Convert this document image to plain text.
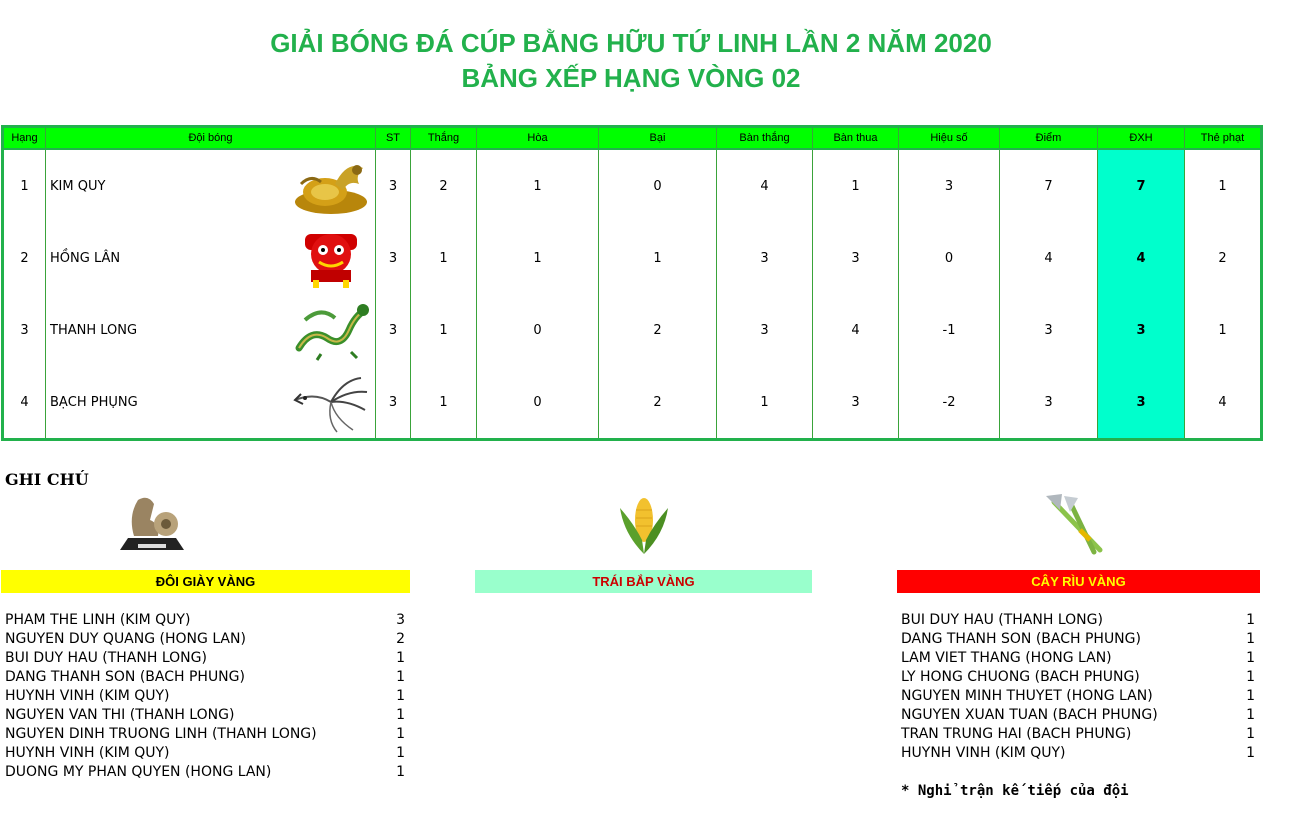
GIẢI BÓNG ĐÁ CÚP BẰNG HỮU TỨ LINH LẦN 2 NĂM 2020
BẢNG XẾP HẠNG VÒNG 02
Hạng	Đội bóng	ST	Thắng	Hòa	Bại	Bàn thắng	Bàn thua	Hiệu số	Điểm	ĐXH	Thẻ phạt
1	KIM QUY	3	2	1	0	4	1	3	7	7	1
2	HỒNG LÂN	3	1	1	1	3	3	0	4	4	2
3	THANH LONG	3	1	0	2	3	4	-1	3	3	1
4	BẠCH PHỤNG	3	1	0	2	1	3	-2	3	3	4
GHI CHÚ
ĐÔI GIÀY VÀNG	TRÁI BẮP VÀNG	CÂY RÌU VÀNG
PHAM THE LINH (KIM QUY)	3
NGUYEN DUY QUANG (HONG LAN)	2
BUI DUY HAU (THANH LONG)	1
DANG THANH SON (BACH PHUNG)	1
HUYNH VINH (KIM QUY)	1
NGUYEN VAN THI (THANH LONG)	1
NGUYEN DINH TRUONG LINH (THANH LONG)	1
HUYNH VINH (KIM QUY)	1
DUONG MY PHAN QUYEN (HONG LAN)	1
BUI DUY HAU (THANH LONG)	1
DANG THANH SON (BACH PHUNG)	1
LAM VIET THANG (HONG LAN)	1
LY HONG CHUONG (BACH PHUNG)	1
NGUYEN MINH THUYET (HONG LAN)	1
NGUYEN XUAN TUAN (BACH PHUNG)	1
TRAN TRUNG HAI (BACH PHUNG)	1
HUYNH VINH (KIM QUY)	1
* Nghỉ trận kế tiếp của đội
